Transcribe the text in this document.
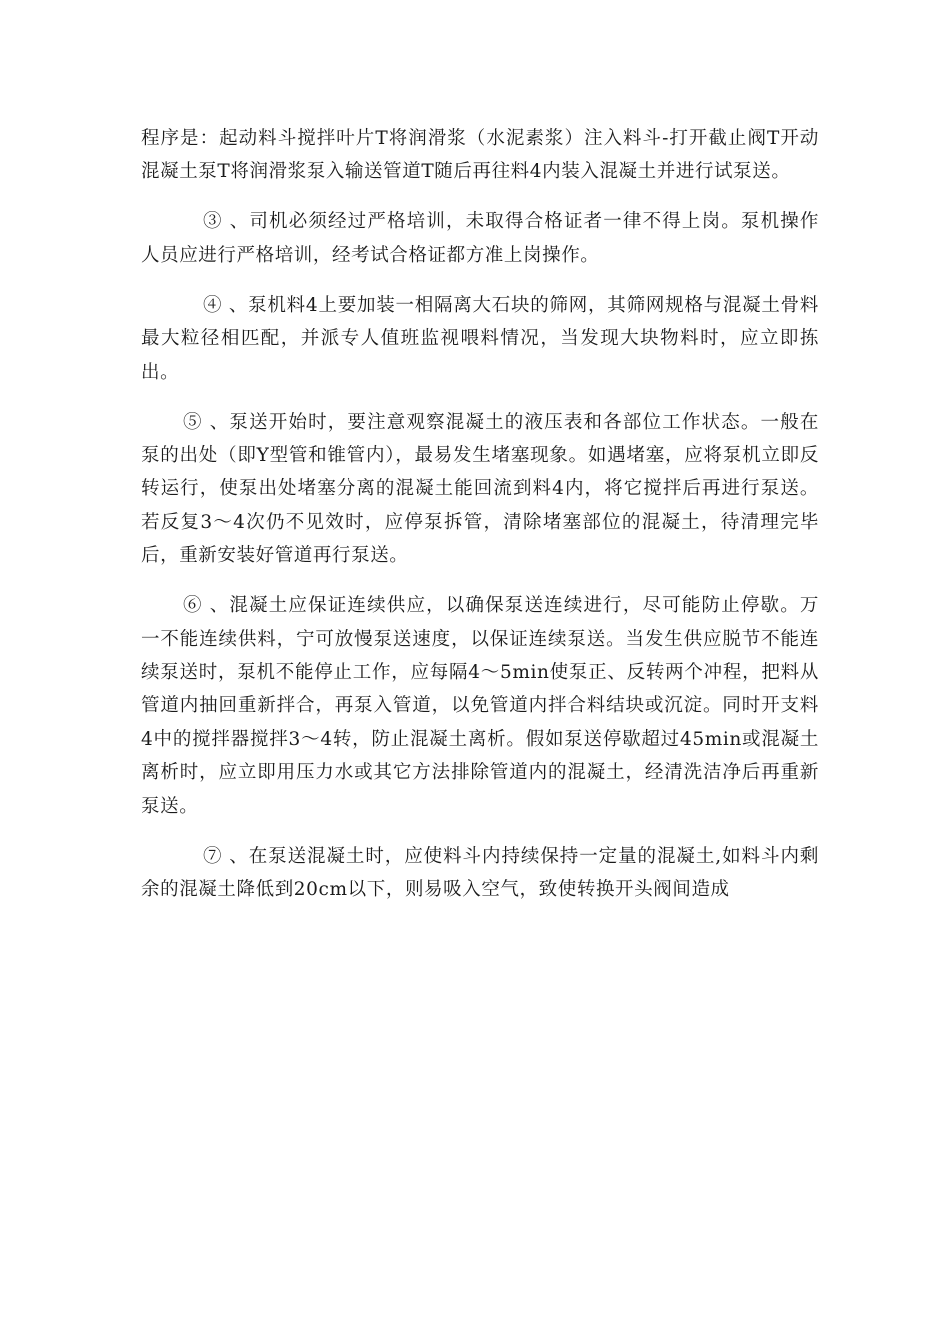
程序是：起动料斗搅拌叶片T将润滑浆（水泥素浆）注入料斗-打开截止阀T开动混凝土泵T将润滑浆泵入输送管道T随后再往料4内装入混凝土并进行试泵送。

③ 、司机必须经过严格培训，未取得合格证者一律不得上岗。泵机操作人员应进行严格培训，经考试合格证都方准上岗操作。

④ 、泵机料4上要加装一相隔离大石块的筛网，其筛网规格与混凝土骨料最大粒径相匹配，并派专人值班监视喂料情况，当发现大块物料时，应立即拣出。

⑤ 、泵送开始时，要注意观察混凝土的液压表和各部位工作状态。一般在泵的出处（即Y型管和锥管内），最易发生堵塞现象。如遇堵塞，应将泵机立即反转运行，使泵出处堵塞分离的混凝土能回流到料4内，将它搅拌后再进行泵送。若反复3〜4次仍不见效时，应停泵拆管，清除堵塞部位的混凝土，待清理完毕后，重新安装好管道再行泵送。

⑥ 、混凝土应保证连续供应，以确保泵送连续进行，尽可能防止停歇。万一不能连续供料，宁可放慢泵送速度，以保证连续泵送。当发生供应脱节不能连续泵送时，泵机不能停止工作，应每隔4〜5min使泵正、反转两个冲程，把料从管道内抽回重新拌合，再泵入管道，以免管道内拌合料结块或沉淀。同时开支料4中的搅拌器搅拌3〜4转，防止混凝土离析。假如泵送停歇超过45min或混凝土离析时，应立即用压力水或其它方法排除管道内的混凝土，经清洗洁净后再重新泵送。

⑦ 、在泵送混凝土时，应使料斗内持续保持一定量的混凝土,如料斗内剩余的混凝土降低到20cm以下，则易吸入空气，致使转换开头阀间造成
